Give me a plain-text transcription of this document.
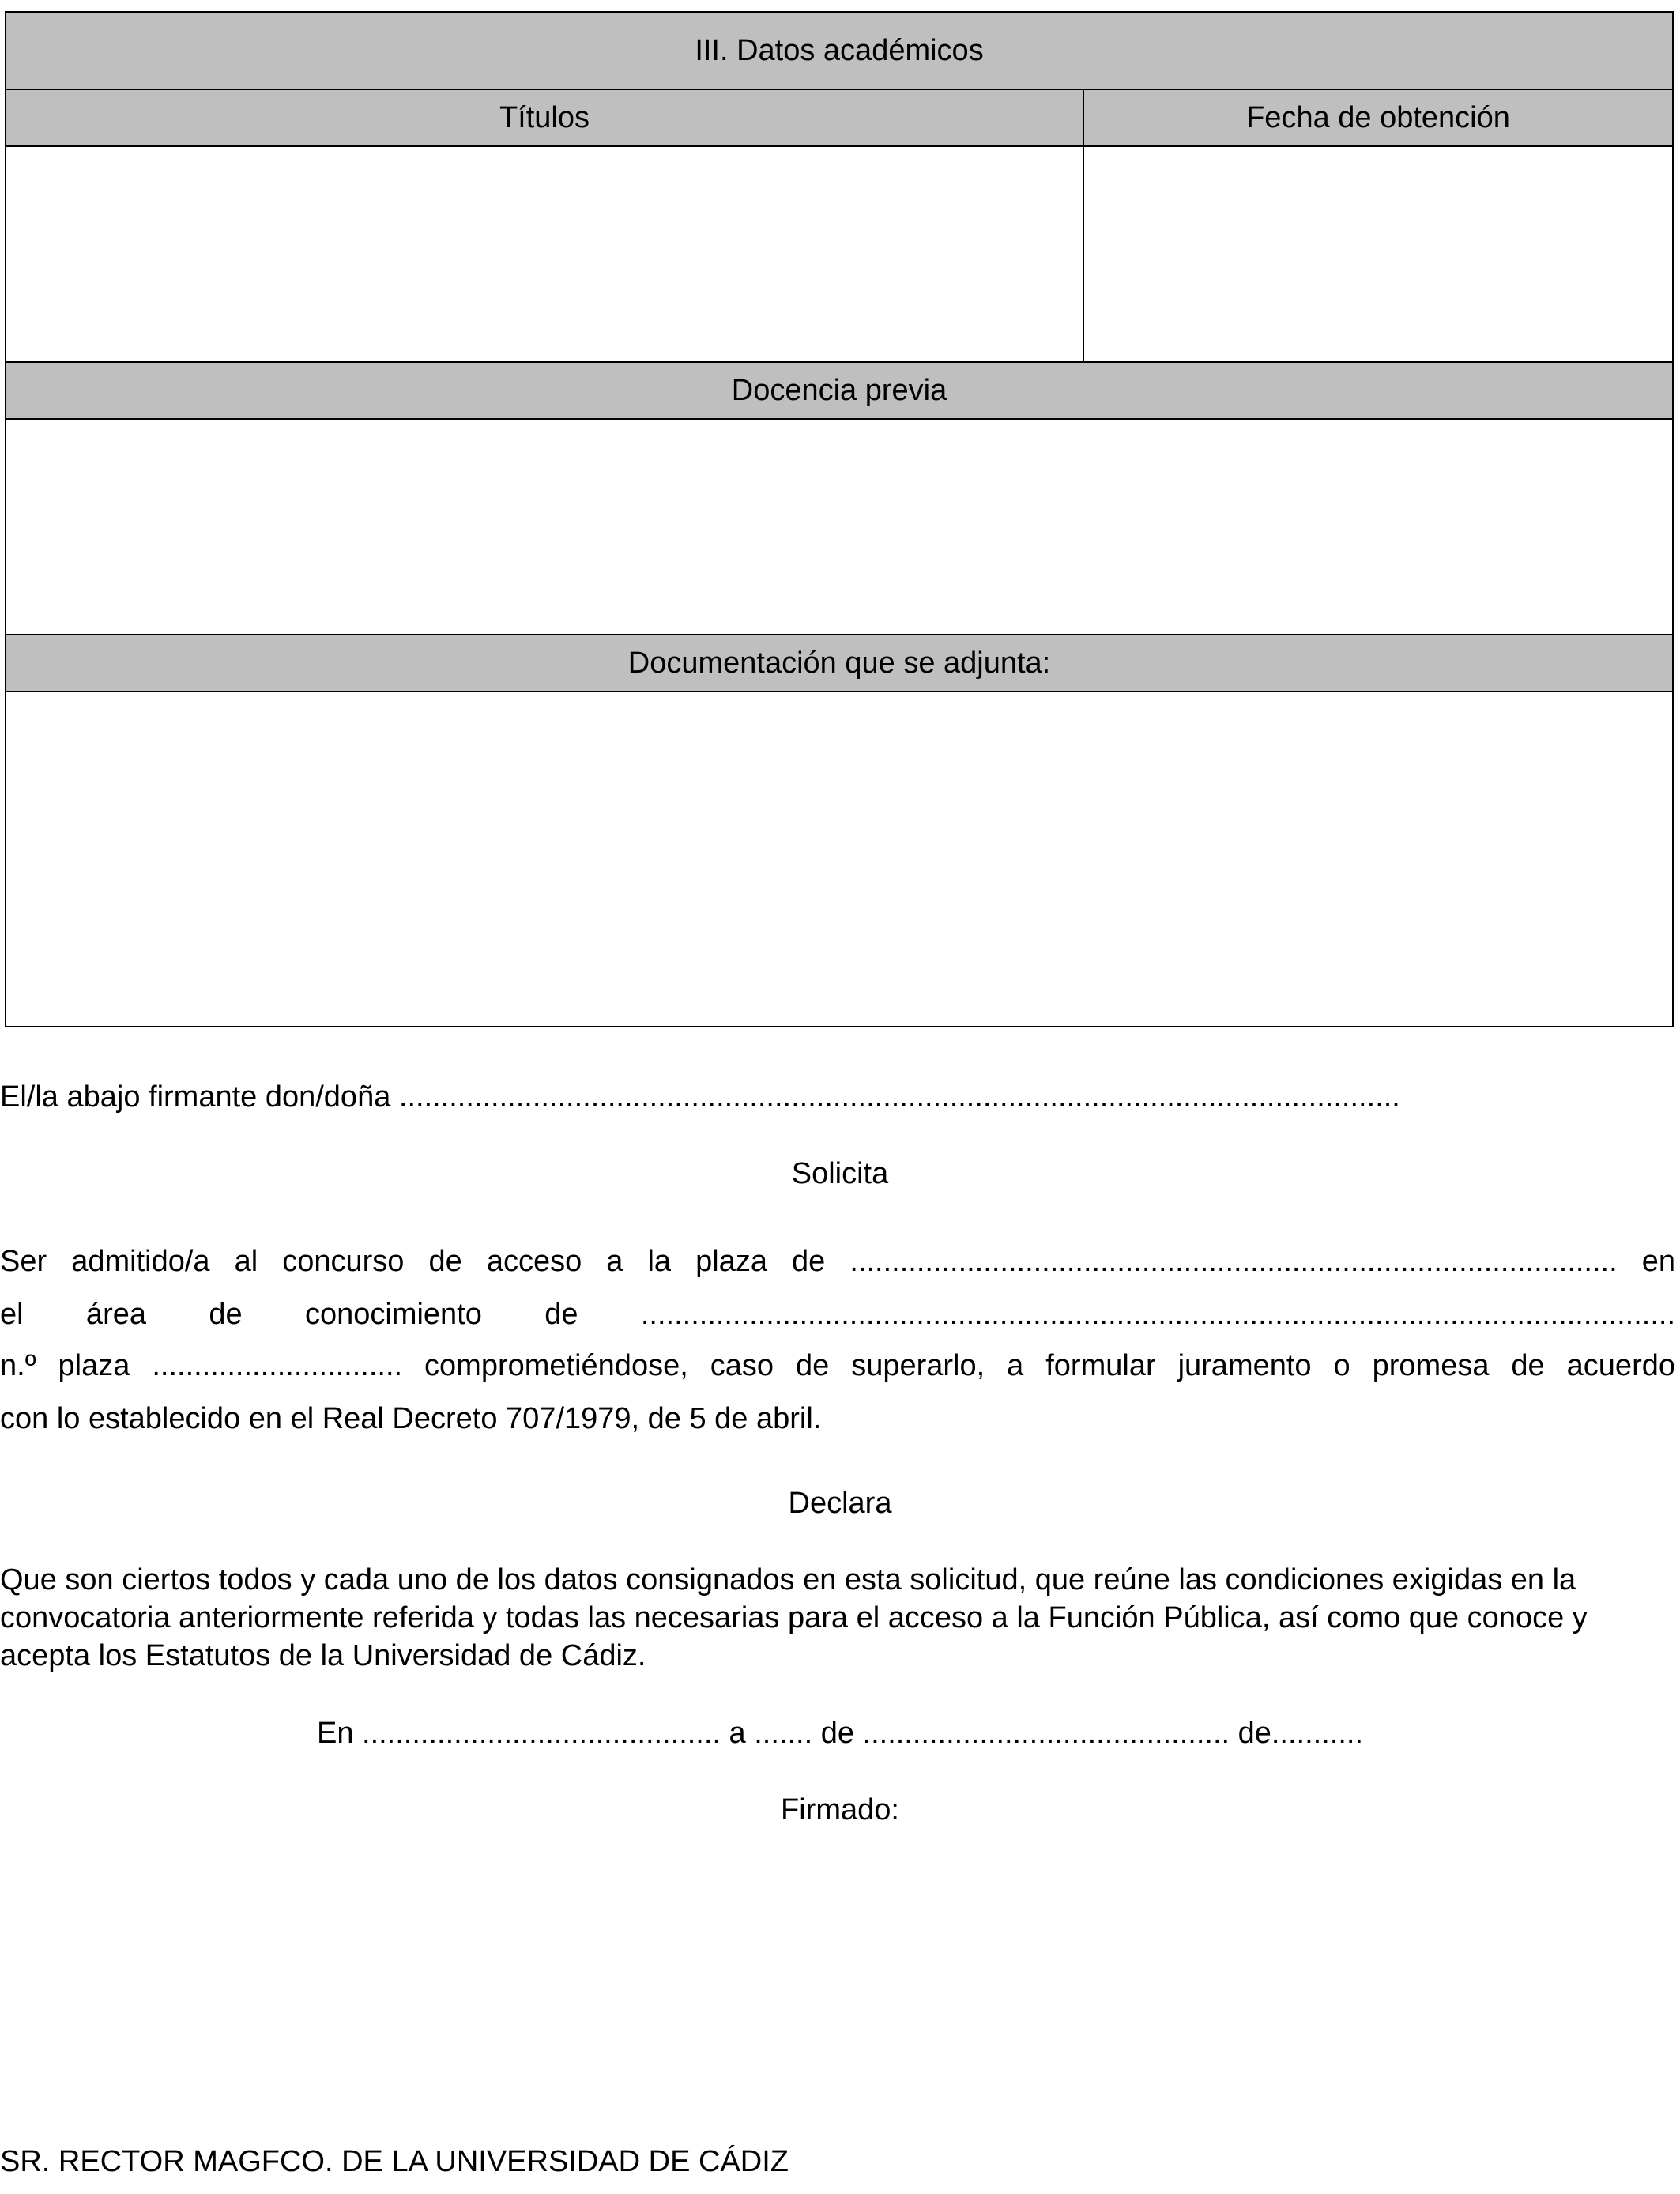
III. Datos académicos	
Títulos	Fecha de obtención

Docencia previa	

Documentación que se adjunta:	

El/la abajo firmante don/doña ........................................................................................................................
Solicita
Ser admitido/a al concurso de acceso a la plaza de ............................................................................................ en
el área de conocimiento de ............................................................................................................................
n.º plaza .............................. comprometiéndose, caso de superarlo, a formular juramento o promesa de acuerdo
con lo establecido en el Real Decreto 707/1979, de 5 de abril.
Declara
Que son ciertos todos y cada uno de los datos consignados en esta solicitud, que reúne las condiciones exigidas en la convocatoria anteriormente referida y todas las necesarias para el acceso a la Función Pública, así como que conoce y acepta los Estatutos de la Universidad de Cádiz.
En ........................................... a ....... de ............................................ de...........
Firmado:
SR. RECTOR MAGFCO. DE LA UNIVERSIDAD DE CÁDIZ
